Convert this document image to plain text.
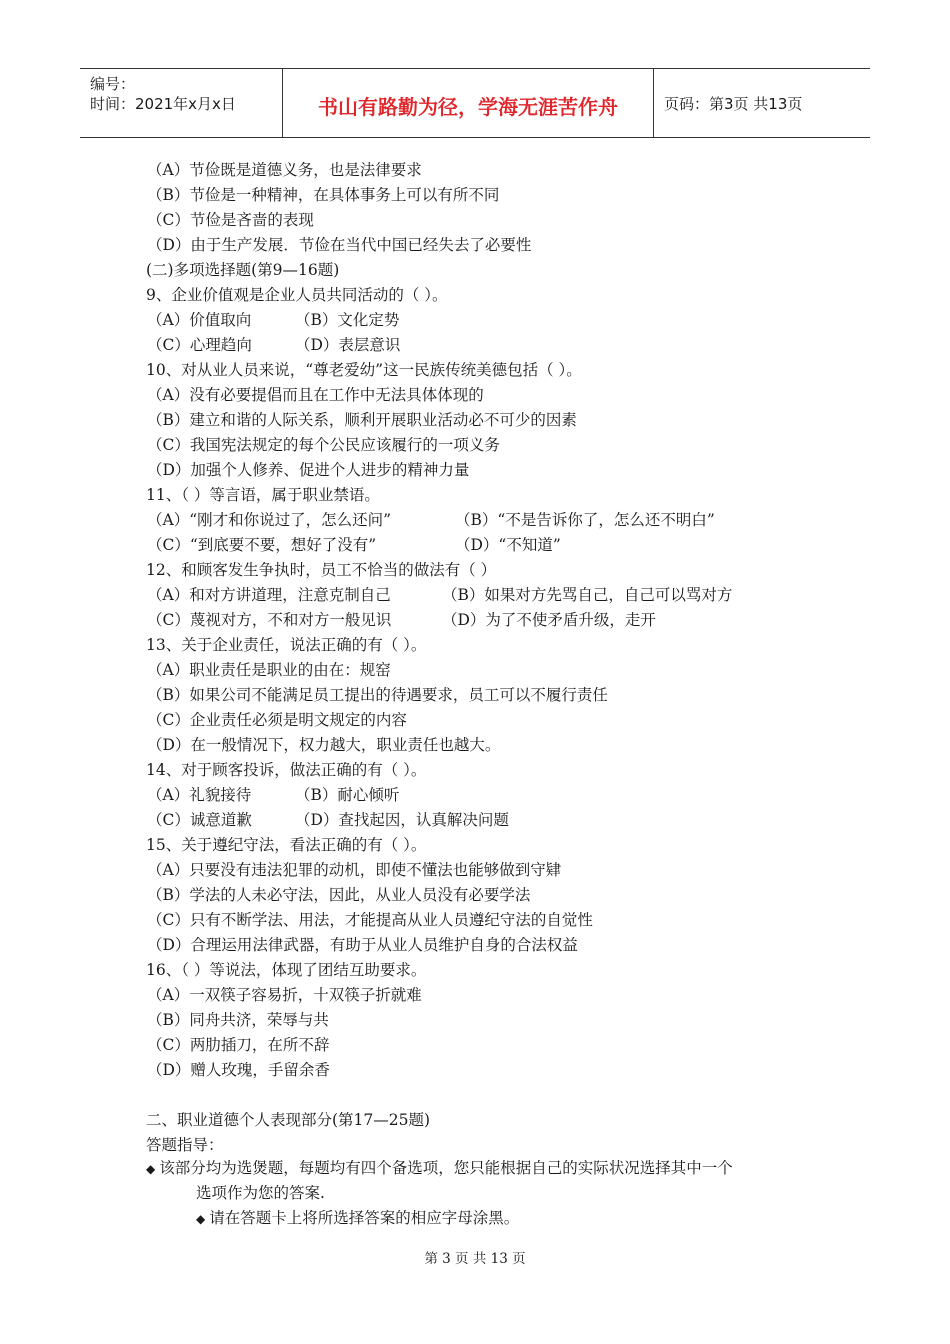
编号：
时间：2021年x月x日	书山有路勤为径，学海无涯苦作舟	页码：第3页 共13页
（A）节俭既是道德义务，也是法律要求
（B）节俭是一种精神，在具体事务上可以有所不同
（C）节俭是吝啬的表现
（D）由于生产发展．节俭在当代中国已经失去了必要性
(二)多项选择题(第9—16题)
9、企业价值观是企业人员共同活动的（ ）。
（A）价值取向	（B）文化定势
（C）心理趋向	（D）表层意识
10、对从业人员来说，“尊老爱幼”这一民族传统美德包括（ ）。
（A）没有必要提倡而且在工作中无法具体体现的
（B）建立和谐的人际关系，顺利开展职业活动必不可少的因素
（C）我国宪法规定的每个公民应该履行的一项义务
（D）加强个人修养、促进个人进步的精神力量
11、（ ）等言语，属于职业禁语。
（A）“刚才和你说过了，怎么还问”	（B）“不是告诉你了，怎么还不明白”
（C）“到底要不要，想好了没有”	（D）“不知道”
12、和顾客发生争执时，员工不恰当的做法有（ ）
（A）和对方讲道理，注意克制自己	（B）如果对方先骂自己，自己可以骂对方
（C）蔑视对方，不和对方一般见识	（D）为了不使矛盾升级，走开
13、关于企业责任，说法正确的有（ ）。
（A）职业责任是职业的由在：规窑
（B）如果公司不能满足员工提出的待遇要求，员工可以不履行责任
（C）企业责任必须是明文规定的内容
（D）在一般情况下，权力越大，职业责任也越大。
14、对于顾客投诉，做法正确的有（ ）。
（A）礼貌接待	（B）耐心倾听
（C）诚意道歉	（D）查找起因，认真解决问题
15、关于遵纪守法，看法正确的有（ ）。
（A）只要没有违法犯罪的动机，即使不懂法也能够做到守肄
（B）学法的人未必守法，因此，从业人员没有必要学法
（C）只有不断学法、用法，才能提高从业人员遵纪守法的自觉性
（D）合理运用法律武器，有助于从业人员维护自身的合法权益
16、（ ）等说法，体现了团结互助要求。
（A）一双筷子容易折，十双筷子折就难
（B）同舟共济，荣辱与共
（C）两肋插刀，在所不辞
（D）赠人玫瑰，手留余香
二、职业道德个人表现部分(第17—25题)
答题指导：
◆ 该部分均为选煲题，每题均有四个备选项，您只能根据自己的实际状况选择其中一个
选项作为您的答案.
◆ 请在答题卡上将所选择答案的相应字母涂黑。
第 3 页 共 13 页
